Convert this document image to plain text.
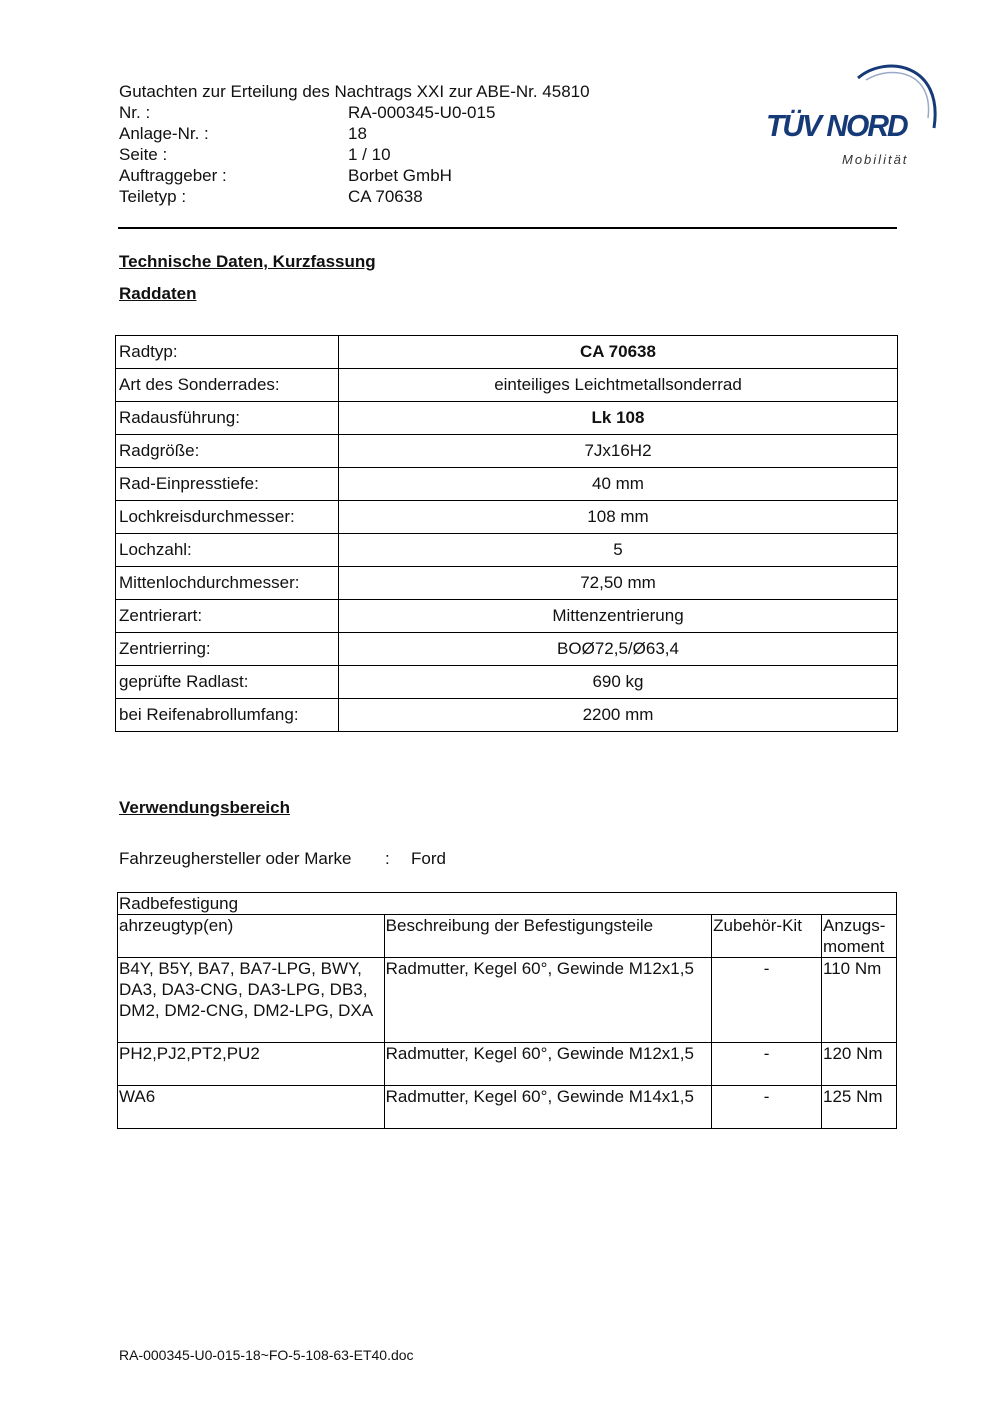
Gutachten zur Erteilung des Nachtrags XXI zur ABE-Nr. 45810
Nr. :	RA-000345-U0-015
Anlage-Nr. :	18
Seite :	1 / 10
Auftraggeber :	Borbet GmbH
Teiletyp :	CA 70638
TÜV NORD
Mobilität
Technische Daten, Kurzfassung
Raddaten
Radtyp:	CA 70638
Art des Sonderrades:	einteiliges Leichtmetallsonderrad
Radausführung:	Lk 108
Radgröße:	7Jx16H2
Rad-Einpresstiefe:	40 mm
Lochkreisdurchmesser:	108 mm
Lochzahl:	5
Mittenlochdurchmesser:	72,50 mm
Zentrierart:	Mittenzentrierung
Zentrierring:	BOØ72,5/Ø63,4
geprüfte Radlast:	690 kg
bei Reifenabrollumfang:	2200 mm
Verwendungsbereich
Fahrzeughersteller oder Marke	:	Ford
Radbefestigung			
ahrzeugtyp(en)	Beschreibung der Befestigungsteile	Zubehör-Kit	Anzugs-
moment
B4Y, B5Y, BA7, BA7-LPG, BWY, DA3, DA3-CNG, DA3-LPG, DB3, DM2, DM2-CNG, DM2-LPG, DXA	Radmutter, Kegel 60°, Gewinde M12x1,5	-	110 Nm
PH2,PJ2,PT2,PU2	Radmutter, Kegel 60°, Gewinde M12x1,5	-	120 Nm
WA6	Radmutter, Kegel 60°, Gewinde M14x1,5	-	125 Nm
RA-000345-U0-015-18~FO-5-108-63-ET40.doc
